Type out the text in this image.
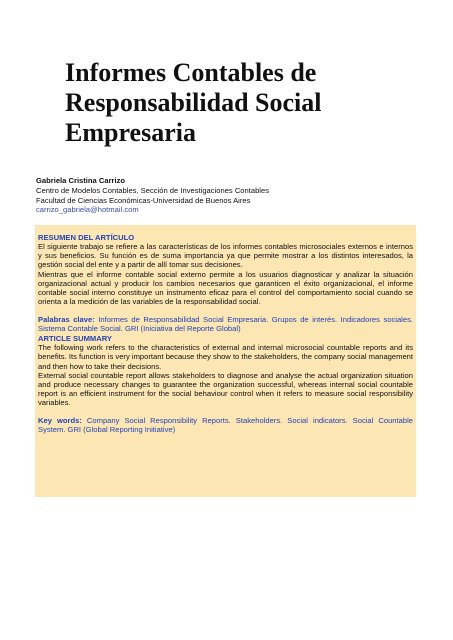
Informes Contables de Responsabilidad Social Empresaria
Gabriela Cristina Carrizo
Centro de Modelos Contables, Sección de Investigaciones Contables
Facultad de Ciencias Económicas-Universidad de Buenos Aires
carrizo_gabriela@hotmail.com

RESUMEN DEL ARTÍCULO

El siguiente trabajo se refiere a las características de los informes contables microsociales externos e internos y sus beneficios. Su función es de suma importancia ya que permite mostrar a los distintos interesados, la gestión social del ente y a partir de allí tomar sus decisiones.

Mientras que el informe contable social externo permite a los usuarios diagnosticar y analizar la situación organizacional actual y producir los cambios necesarios que garanticen el éxito organizacional, el informe contable social interno constituye un instrumento eficaz para el control del comportamiento social cuando se orienta a la medición de las variables de la responsabilidad social.

Palabras clave: Informes de Responsabilidad Social Empresaria. Grupos de interés. Indicadores sociales. Sistema Contable Social. GRI (Iniciativa del Reporte Global)

ARTICLE SUMMARY

The following work refers to the characteristics of external and internal microsocial countable reports and its benefits. Its function is very important because they show to the stakeholders, the company social management and then how to take their decisions.

External social countable report allows stakeholders to diagnose and analyse the actual organization situation and produce necessary changes to guarantee the organization successful, whereas internal social countable report is an efficient instrument for the social behaviour control when it refers to measure social responsibility variables.

Key words: Company Social Responsibility Reports. Stakeholders. Social indicators. Social Countable System. GRI (Global Reporting Initiative)
